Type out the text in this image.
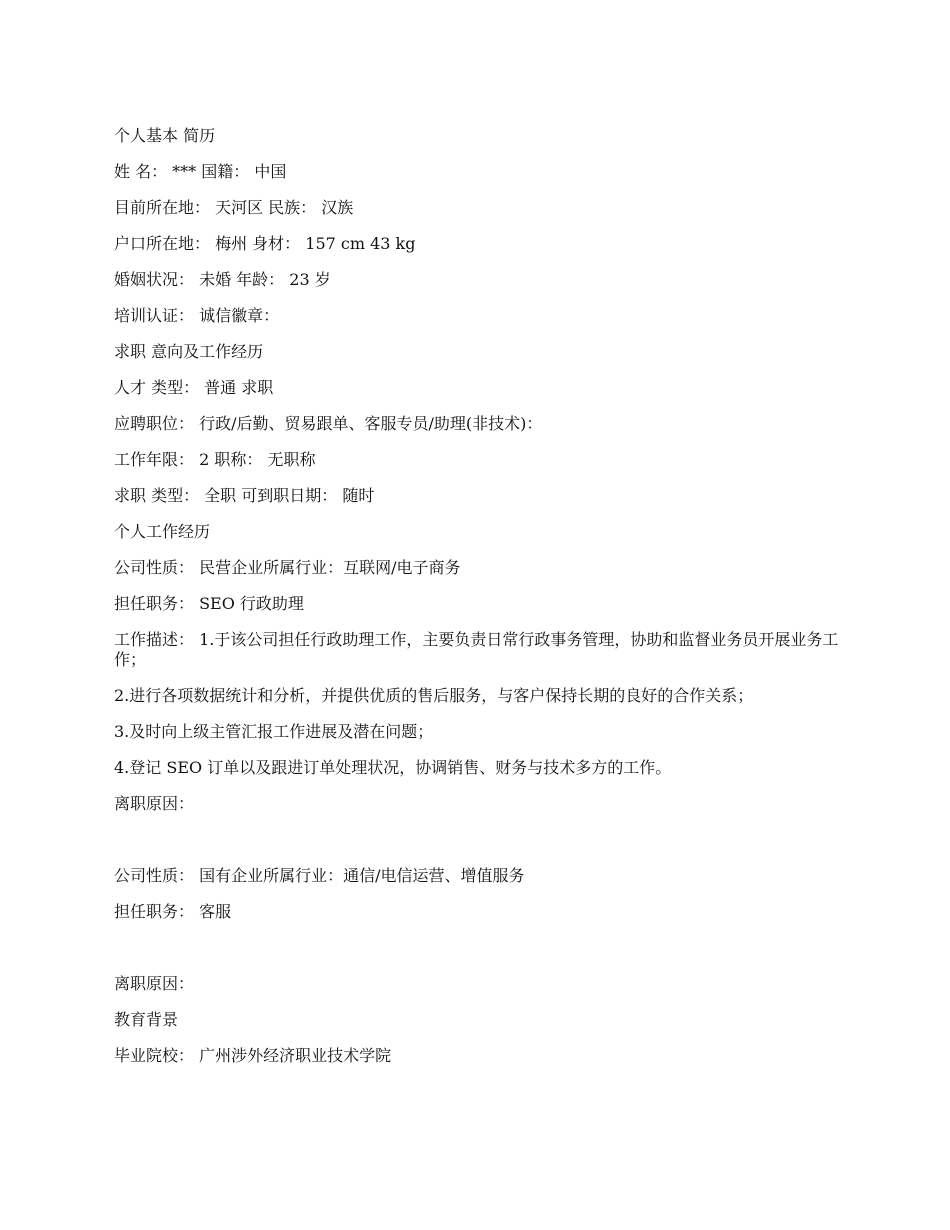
个人基本 简历

姓 名： *** 国籍： 中国

目前所在地： 天河区 民族： 汉族

户口所在地： 梅州 身材： 157 cm 43 kg

婚姻状况： 未婚 年龄： 23 岁

培训认证： 诚信徽章：

求职 意向及工作经历

人才 类型： 普通 求职

应聘职位： 行政/后勤、贸易跟单、客服专员/助理(非技术)：

工作年限： 2 职称： 无职称

求职 类型： 全职 可到职日期： 随时

个人工作经历

公司性质： 民营企业所属行业：互联网/电子商务

担任职务： SEO 行政助理

工作描述： 1.于该公司担任行政助理工作，主要负责日常行政事务管理，协助和监督业务员开展业务工作；

2.进行各项数据统计和分析，并提供优质的售后服务，与客户保持长期的良好的合作关系；

3.及时向上级主管汇报工作进展及潜在问题；

4.登记 SEO 订单以及跟进订单处理状况，协调销售、财务与技术多方的工作。

离职原因：

公司性质： 国有企业所属行业：通信/电信运营、增值服务

担任职务： 客服

离职原因：

教育背景

毕业院校： 广州涉外经济职业技术学院
